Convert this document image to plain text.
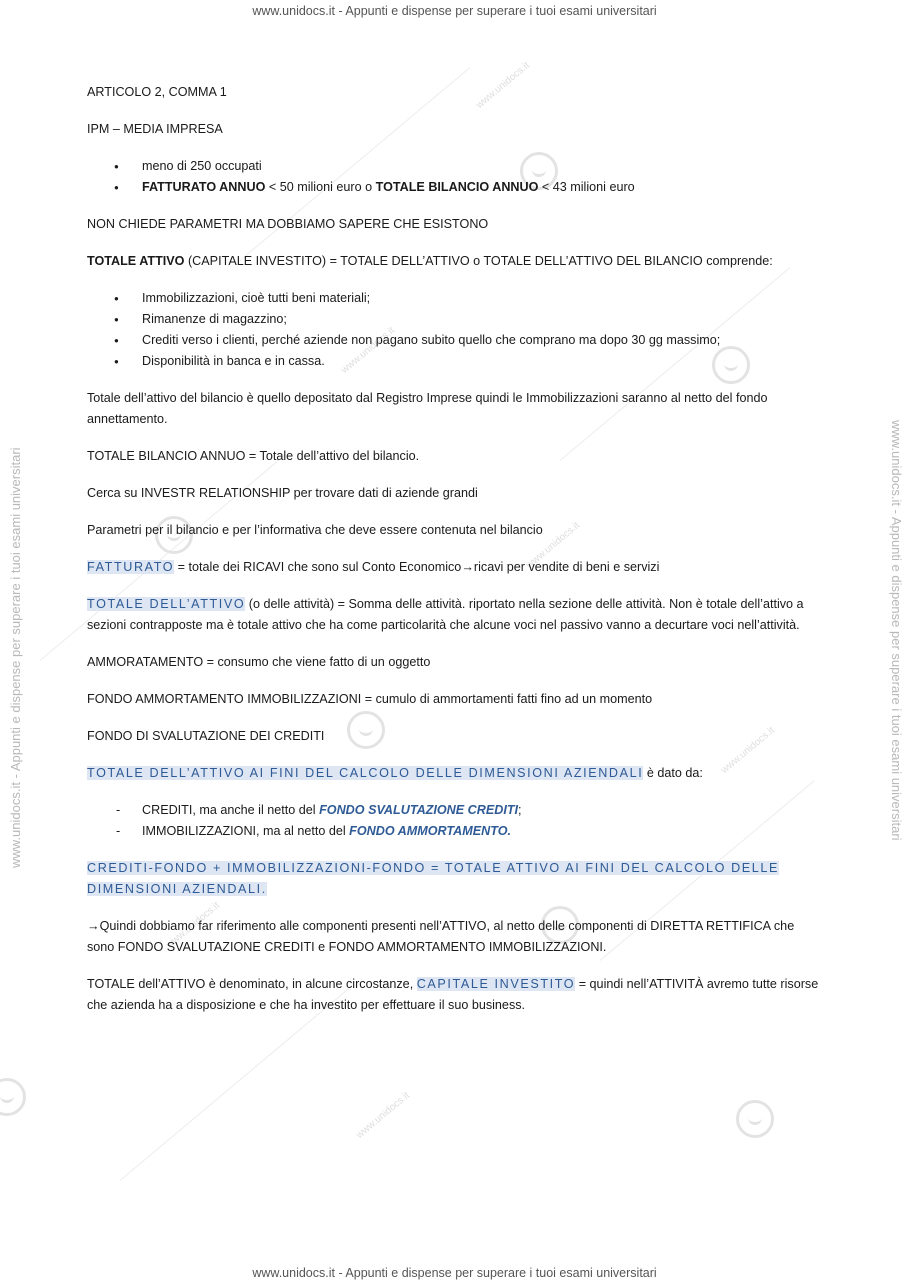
www.unidocs.it
www.unidocs.it
www.unidocs.it
www.unidocs.it
www.unidocs.it
www.unidocs.it
www.unidocs.it - Appunti e dispense per superare i tuoi esami universitari
www.unidocs.it - Appunti e dispense per superare i tuoi esami universitari
www.unidocs.it - Appunti e dispense per superare i tuoi esami universitari	www.unidocs.it - Appunti e dispense per superare i tuoi esami universitari

ARTICOLO 2, COMMA 1

IPM – MEDIA IMPRESA

● meno di 250 occupati
● FATTURATO ANNUO < 50 milioni euro o TOTALE BILANCIO ANNUO < 43 milioni euro

NON CHIEDE PARAMETRI MA DOBBIAMO SAPERE CHE ESISTONO

TOTALE ATTIVO (CAPITALE INVESTITO) = TOTALE DELL’ATTIVO o TOTALE DELL’ATTIVO DEL BILANCIO comprende:

● Immobilizzazioni, cioè tutti beni materiali;
● Rimanenze di magazzino;
● Crediti verso i clienti, perché aziende non pagano subito quello che comprano ma dopo 30 gg massimo;
● Disponibilità in banca e in cassa.

Totale dell’attivo del bilancio è quello depositato dal Registro Imprese quindi le Immobilizzazioni saranno al netto del fondo annettamento.

TOTALE BILANCIO ANNUO = Totale dell’attivo del bilancio.

Cerca su INVESTR RELATIONSHIP per trovare dati di aziende grandi

Parametri per il bilancio e per l’informativa che deve essere contenuta nel bilancio

FATTURATO = totale dei RICAVI che sono sul Conto Economico→ricavi per vendite di beni e servizi

TOTALE DELL’ATTIVO (o delle attività) = Somma delle attività. riportato nella sezione delle attività. Non è totale dell’attivo a sezioni contrapposte ma è totale attivo che ha come particolarità che alcune voci nel passivo vanno a decurtare voci nell’attività.

AMMORATAMENTO = consumo che viene fatto di un oggetto

FONDO AMMORTAMENTO IMMOBILIZZAZIONI = cumulo di ammortamenti fatti fino ad un momento

FONDO DI SVALUTAZIONE DEI CREDITI

TOTALE DELL’ATTIVO AI FINI DEL CALCOLO DELLE DIMENSIONI AZIENDALI è dato da:

- CREDITI, ma anche il netto del FONDO SVALUTAZIONE CREDITI;
- IMMOBILIZZAZIONI, ma al netto del FONDO AMMORTAMENTO.

CREDITI-FONDO + IMMOBILIZZAZIONI-FONDO = TOTALE ATTIVO AI FINI DEL CALCOLO DELLE DIMENSIONI AZIENDALI.

→Quindi dobbiamo far riferimento alle componenti presenti nell’ATTIVO, al netto delle componenti di DIRETTA RETTIFICA che sono FONDO SVALUTAZIONE CREDITI e FONDO AMMORTAMENTO IMMOBILIZZAZIONI.

TOTALE dell’ATTIVO è denominato, in alcune circostanze, CAPITALE INVESTITO = quindi nell’ATTIVITÀ avremo tutte risorse che azienda ha a disposizione e che ha investito per effettuare il suo business.
